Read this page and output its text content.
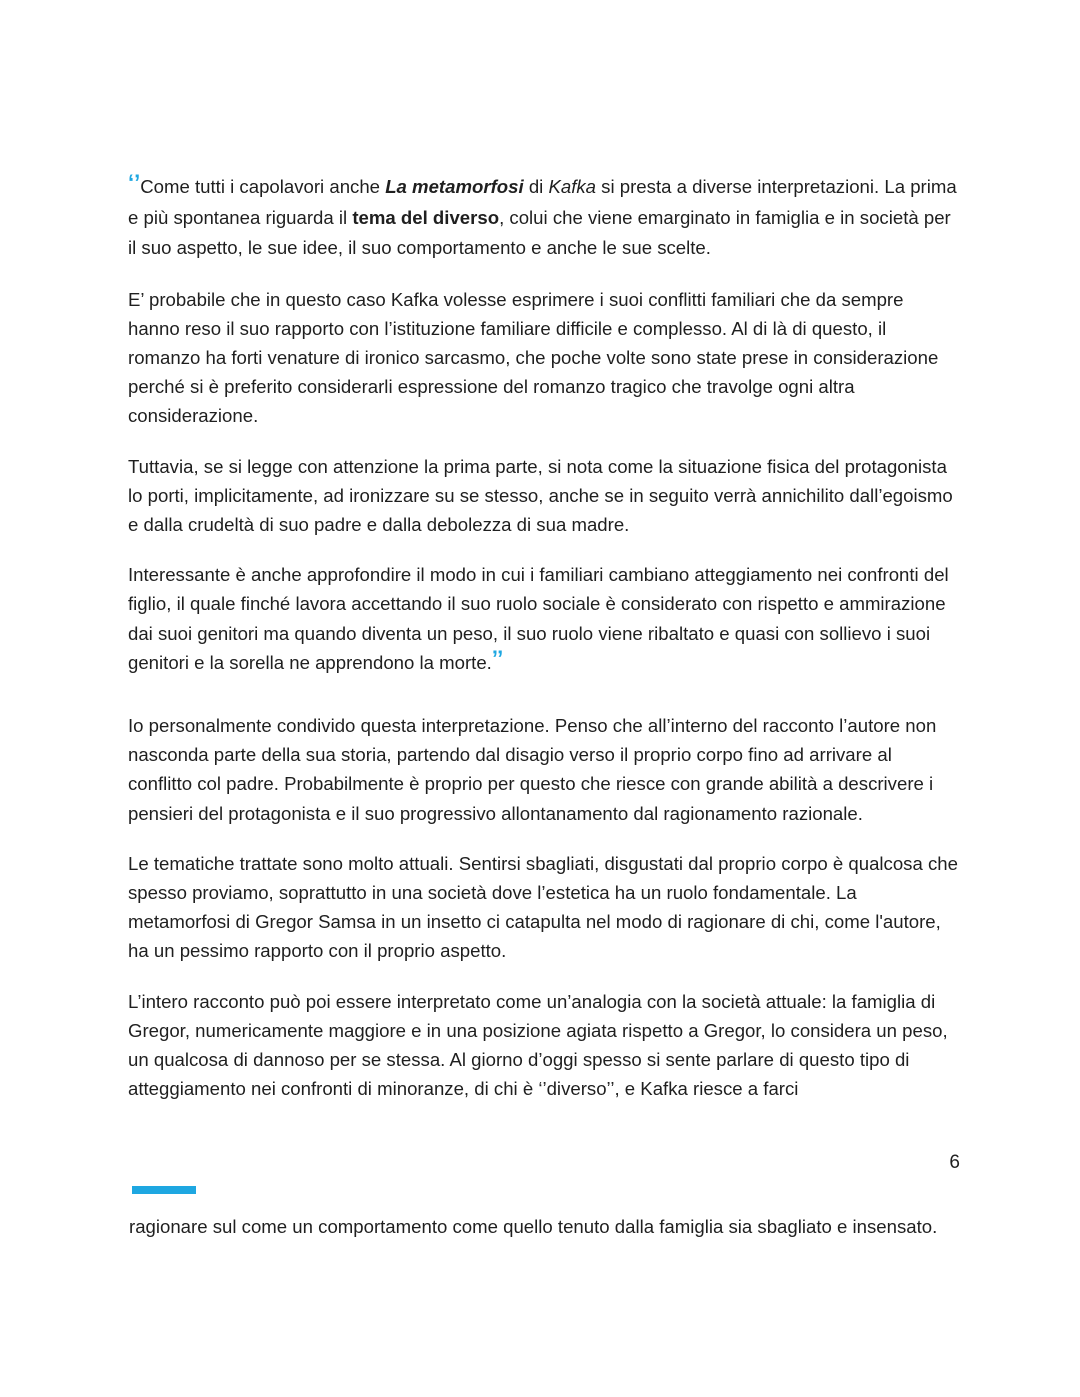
‘’Come tutti i capolavori anche La metamorfosi di Kafka si presta a diverse interpretazioni. La prima e più spontanea riguarda il tema del diverso, colui che viene emarginato in famiglia e in società per il suo aspetto, le sue idee, il suo comportamento e anche le sue scelte.

E’ probabile che in questo caso Kafka volesse esprimere i suoi conflitti familiari che da sempre hanno reso il suo rapporto con l’istituzione familiare difficile e complesso. Al di là di questo, il romanzo ha forti venature di ironico sarcasmo, che poche volte sono state prese in considerazione perché si è preferito considerarli espressione del romanzo tragico che travolge ogni altra considerazione.

Tuttavia, se si legge con attenzione la prima parte, si nota come la situazione fisica del protagonista lo porti, implicitamente, ad ironizzare su se stesso, anche se in seguito verrà annichilito dall’egoismo e dalla crudeltà di suo padre e dalla debolezza di sua madre.

Interessante è anche approfondire il modo in cui i familiari cambiano atteggiamento nei confronti del figlio, il quale finché lavora accettando il suo ruolo sociale è considerato con rispetto e ammirazione dai suoi genitori ma quando diventa un peso, il suo ruolo viene ribaltato e quasi con sollievo i suoi genitori e la sorella ne apprendono la morte.’’

Io personalmente condivido questa interpretazione. Penso che all’interno del racconto l’autore non nasconda parte della sua storia, partendo dal disagio verso il proprio corpo fino ad arrivare al conflitto col padre. Probabilmente è proprio per questo che riesce con grande abilità a descrivere i pensieri del protagonista e il suo progressivo allontanamento dal ragionamento razionale.

Le tematiche trattate sono molto attuali. Sentirsi sbagliati, disgustati dal proprio corpo è qualcosa che spesso proviamo, soprattutto in una società dove l’estetica ha un ruolo fondamentale. La metamorfosi di Gregor Samsa in un insetto ci catapulta nel modo di ragionare di chi, come l'autore, ha un pessimo rapporto con il proprio aspetto.

L’intero racconto può poi essere interpretato come un’analogia con la società attuale: la famiglia di Gregor, numericamente maggiore e in una posizione agiata rispetto a Gregor, lo considera un peso, un qualcosa di dannoso per se stessa. Al giorno d’oggi spesso si sente parlare di questo tipo di atteggiamento nei confronti di minoranze, di chi è ‘’diverso’’, e Kafka riesce a farci

6

ragionare sul come un comportamento come quello tenuto dalla famiglia sia sbagliato e insensato.
